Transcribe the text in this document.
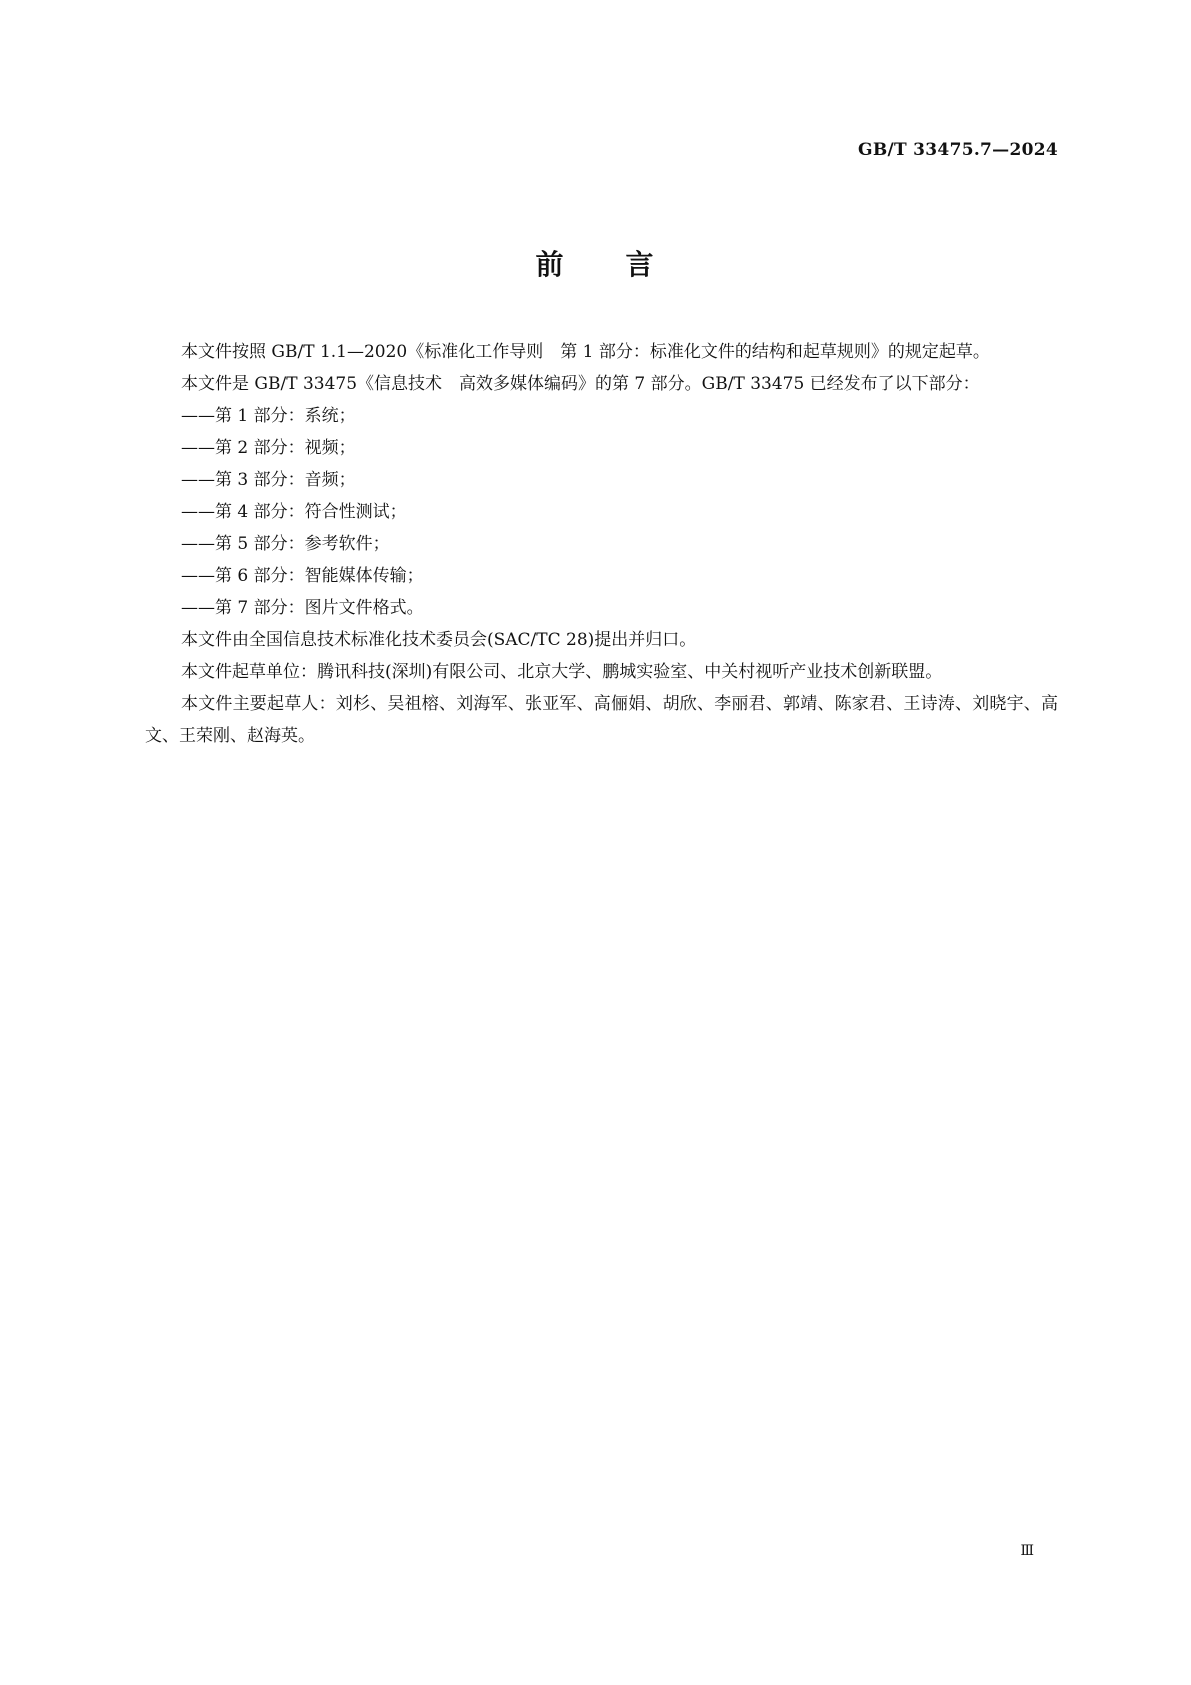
GB/T 33475.7—2024
前 言

本文件按照 GB/T 1.1—2020《标准化工作导则　第 1 部分：标准化文件的结构和起草规则》的规定起草。

本文件是 GB/T 33475《信息技术　高效多媒体编码》的第 7 部分。GB/T 33475 已经发布了以下部分：

——第 1 部分：系统；
——第 2 部分：视频；
——第 3 部分：音频；
——第 4 部分：符合性测试；
——第 5 部分：参考软件；
——第 6 部分：智能媒体传输；
——第 7 部分：图片文件格式。

本文件由全国信息技术标准化技术委员会(SAC/TC 28)提出并归口。

本文件起草单位：腾讯科技(深圳)有限公司、北京大学、鹏城实验室、中关村视听产业技术创新联盟。

本文件主要起草人：刘杉、吴祖榕、刘海军、张亚军、高俪娟、胡欣、李丽君、郭靖、陈家君、王诗涛、刘晓宇、高文、王荣刚、赵海英。

Ⅲ
